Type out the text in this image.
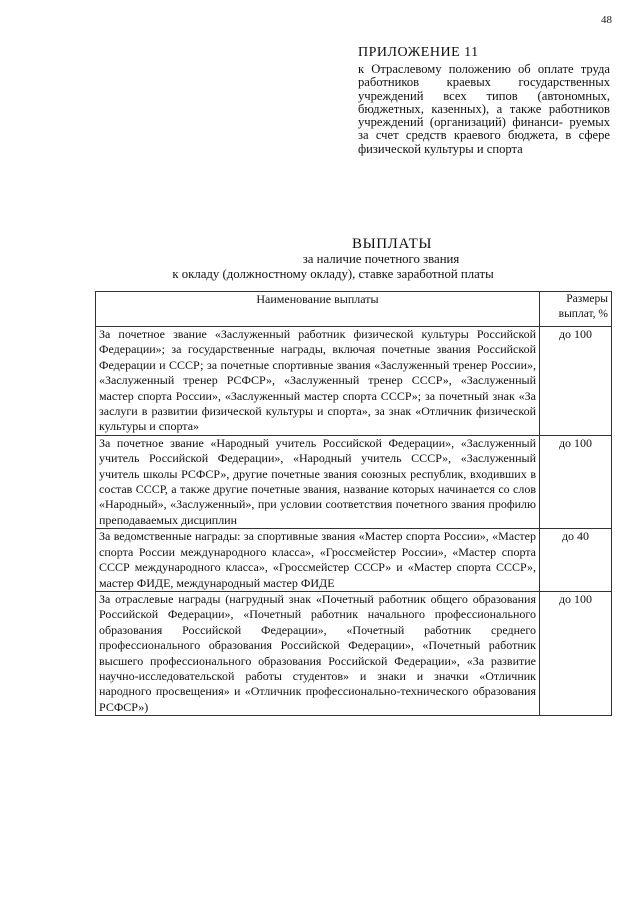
48
ПРИЛОЖЕНИЕ 11
к Отраслевому положению об оплате труда работников краевых государственных учреждений всех типов (автономных, бюджетных, казенных), а также работников учреждений (организаций) финанси- руемых за счет средств краевого бюджета, в сфере физической культуры и спорта
ВЫПЛАТЫ
за наличие почетного звания
к окладу (должностному окладу), ставке заработной платы
Наименование выплаты	Размеры выплат, %
За почетное звание «Заслуженный работник физической культуры Российской Федерации»; за государственные награды, включая почетные звания Российской Федерации и СССР; за почетные спортивные звания «Заслуженный тренер России», «Заслуженный тренер РСФСР», «Заслуженный тренер СССР», «Заслуженный мастер спорта России», «Заслуженный мастер спорта СССР»; за почетный знак «За заслуги в развитии физической культуры и спорта», за знак «Отличник физической культуры и спорта»	до 100
За почетное звание «Народный учитель Российской Федерации», «Заслуженный учитель Российской Федерации», «Народный учитель СССР», «Заслуженный учитель школы РСФСР», другие почетные звания союзных республик, входивших в состав СССР, а также другие почетные звания, название которых начинается со слов «Народный», «Заслуженный», при условии соответствия почетного звания профилю преподаваемых дисциплин	до 100
За ведомственные награды: за спортивные звания «Мастер спорта России», «Мастер спорта России международного класса», «Гроссмейстер России», «Мастер спорта СССР международного класса», «Гроссмейстер СССР» и «Мастер спорта СССР», мастер ФИДЕ, международный мастер ФИДЕ	до 40
За отраслевые награды (нагрудный знак «Почетный работник общего образования Российской Федерации», «Почетный работник начального профессионального образования Российской Федерации», «Почетный работник среднего профессионального образования Российской Федерации», «Почетный работник высшего профессионального образования Российской Федерации», «За развитие научно-исследовательской работы студентов» и знаки и значки «Отличник народного просвещения» и «Отличник профессионально-технического образования РСФСР»)	до 100
